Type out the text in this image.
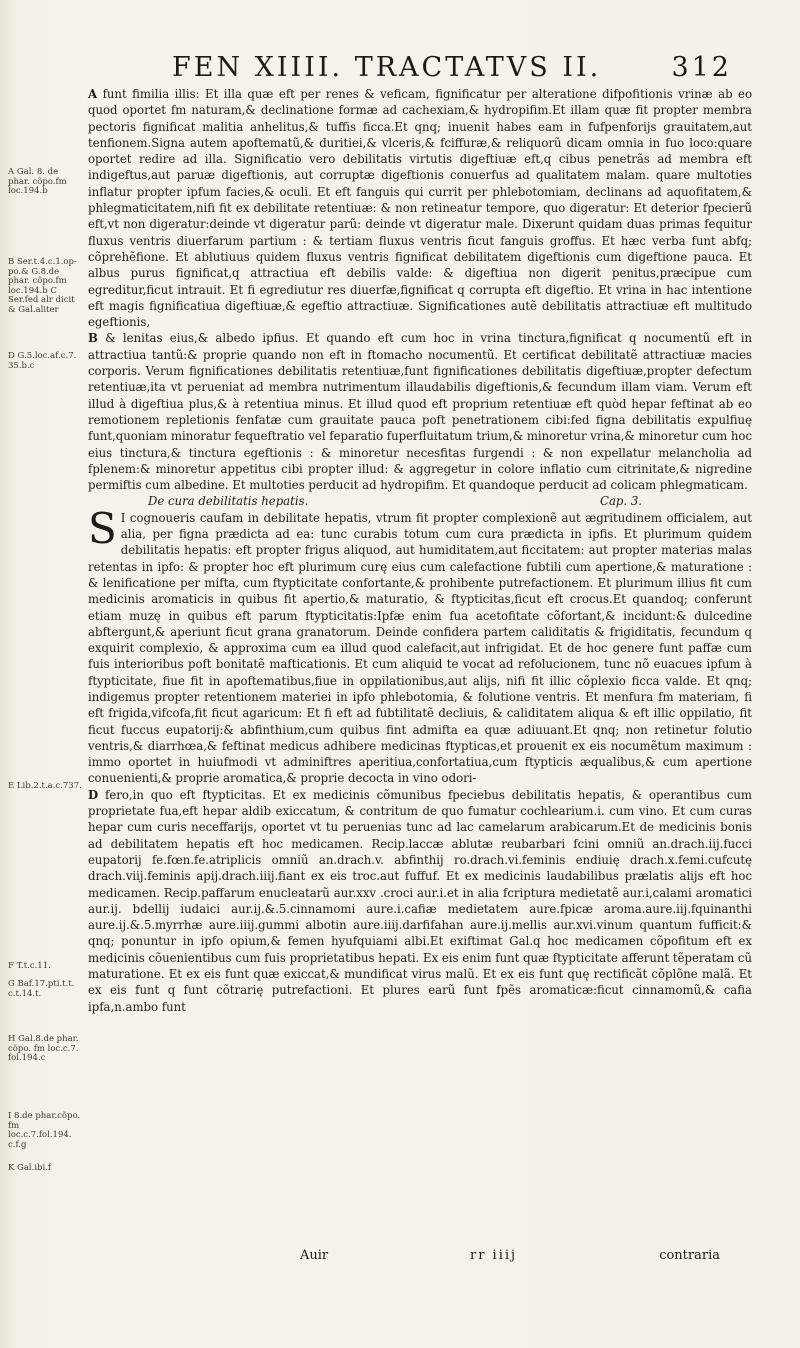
FEN XIIII. TRACTATVS II.	312
A Gal. 8. de phar. cõpo.fm loc.194.b
B Ser.t.4.c.1.op- po.& G.8.de phar. cõpo.fm loc.194.b C Ser.fed alr dicit & Gal.aliter
D G.5.loc.af.c.7. 35.b.c
E Lib.2.t.a.c.737.
F T.t.c.11.
G Baf.17.pti.t.t. c.t.14.t.
H Gal.8.de phar. cõpo. fm loc.c.7. fol.194.c
I 8.de phar.cõpo. fm loc.c.7.fol.194. c.f.g
K Gal.ibi.f

A funt fimilia illis: Et illa quæ eft per renes & veficam, fignificatur per alteratione difpofitionis vrinæ ab eo quod oportet fm naturam,& declinatione formæ ad cachexiam,& hydropifim.Et illam quæ fit propter membra pectoris fignificat malitia anhelitus,& tuffis ficca.Et qnq; inuenit habes eam in fufpenforijs grauitatem,aut tenfionem.Signa autem apoftematũ,& duritiei,& vlceris,& fciffuræ,& reliquorũ dicam omnia in fuo loco:quare oportet redire ad illa. Significatio vero debilitatis virtutis digeftiuæ eft,q cibus penetrãs ad membra eft indigeftus,aut paruæ digeftionis, aut corruptæ digeftionis conuerfus ad qualitatem malam. quare multoties inflatur propter ipfum facies,& oculi. Et eft fanguis qui currit per phlebotomiam, declinans ad aquofitatem,& phlegmaticitatem,nifi fit ex debilitate retentiuæ: & non retineatur tempore, quo digeratur: Et deterior fpecierũ eft,vt non digeratur:deinde vt digeratur parũ: deinde vt digeratur male. Dixerunt quidam duas primas fequitur fluxus ventris diuerfarum partium : & tertiam fluxus ventris ficut fanguis groffus. Et hæc verba funt abfq; cõprehẽfione. Et ablutiuus quidem fluxus ventris fignificat debilitatem digeftionis cum digeftione pauca. Et albus purus fignificat,q attractiua eft debilis valde: & digeftiua non digerit penitus,præcipue cum egreditur,ficut intrauit. Et fi egrediutur res diuerfæ,fignificat q corrupta eft digeftio. Et vrina in hac intentione eft magis fignificatiua digeftiuæ,& egeftio attractiuæ. Significationes autẽ debilitatis attractiuæ eft multitudo egeftionis,

B & lenitas eius,& albedo ipfius. Et quando eft cum hoc in vrina tinctura,fignificat q nocumentũ eft in attractiua tantũ:& proprie quando non eft in ftomacho nocumentũ. Et certificat debilitatẽ attractiuæ macies corporis. Verum fignificationes debilitatis retentiuæ,funt fignificationes debilitatis digeftiuæ,propter defectum retentiuæ,ita vt perueniat ad membra nutrimentum illaudabilis digeftionis,& fecundum illam viam. Verum eft illud à digeftiua plus,& à retentiua minus. Et illud quod eft proprium retentiuæ eft quòd hepar feftinat ab eo remotionem repletionis fenfatæ cum grauitate pauca poft penetrationem cibi:fed figna debilitatis expulfiuę funt,quoniam minoratur fequeftratio vel feparatio fuperfluitatum trium,& minoretur vrina,& minoretur cum hoc eius tinctura,& tinctura egeftionis : & minoretur necesfitas furgendi : & non expellatur melancholia ad fplenem:& minoretur appetitus cibi propter illud: & aggregetur in colore inflatio cum citrinitate,& nigredine permiftis cum albedine. Et multoties perducit ad hydropifim. Et quandoque perducit ad colicam phlegmaticam.

De cura debilitatis hepatis.	Cap. 3.

S I cognoueris caufam in debilitate hepatis, vtrum fit propter complexionẽ aut ægritudinem officialem, aut alia, per figna prædicta ad ea: tunc curabis totum cum cura prædicta in ipfis. Et plurimum quidem debilitatis hepatis: eft propter frigus aliquod, aut humiditatem,aut ficcitatem: aut propter materias malas retentas in ipfo: & propter hoc eft plurimum curę eius cum calefactione fubtili cum apertione,& maturatione : & lenificatione per mifta, cum ftypticitate confortante,& prohibente putrefactionem. Et plurimum illius fit cum medicinis aromaticis in quibus fit apertio,& maturatio, & ftypticitas,ficut eft crocus.Et quandoq; conferunt etiam muzę in quibus eft parum ftypticitatis:Ipfæ enim fua acetofitate cõfortant,& incidunt:& dulcedine abftergunt,& aperiunt ficut grana granatorum. Deinde confidera partem caliditatis & frigiditatis, fecundum q exquirit complexio, & approxima cum ea illud quod calefacit,aut infrigidat. Et de hoc genere funt paffæ cum fuis interioribus poft bonitatẽ mafticationis. Et cum aliquid te vocat ad refolucionem, tunc nõ euacues ipfum à ftypticitate, fiue fit in apoftematibus,fiue in oppilationibus,aut alijs, nifi fit illic cõplexio ficca valde. Et qnq; indigemus propter retentionem materiei in ipfo phlebotomia, & folutione ventris. Et menfura fm materiam, fi eft frigida,vifcofa,fit ficut agaricum: Et fi eft ad fubtilitatẽ decliuis, & caliditatem aliqua & eft illic oppilatio, fit ficut fuccus eupatorij:& abfinthium,cum quibus fint admifta ea quæ adiuuant.Et qnq; non retinetur folutio ventris,& diarrhœa,& feftinat medicus adhibere medicinas ftypticas,et prouenit ex eis nocumẽtum maximum : immo oportet in huiufmodi vt adminiftres aperitiua,confortatiua,cum ftypticis æqualibus,& cum apertione conuenienti,& proprie aromatica,& proprie decocta in vino odori-

D fero,in quo eft ftypticitas. Et ex medicinis cõmunibus fpeciebus debilitatis hepatis, & operantibus cum proprietate fua,eft hepar aldib exiccatum, & contritum de quo fumatur cochlearium.i. cum vino. Et cum curas hepar cum curis neceffarijs, oportet vt tu peruenias tunc ad lac camelarum arabicarum.Et de medicinis bonis ad debilitatem hepatis eft hoc medicamen. Recip.laccæ ablutæ reubarbari fcini omniũ an.drach.iij.fucci eupatorij fe.fœn.fe.atriplicis omniũ an.drach.v. abfinthij ro.drach.vi.feminis endiuię drach.x.femi.cufcutę drach.viij.feminis apij.drach.iiij.fiant ex eis troc.aut fuffuf. Et ex medicinis laudabilibus prælatis alijs eft hoc medicamen. Recip.paffarum enucleatarũ aur.xxv .croci aur.i.et in alia fcriptura medietatẽ aur.i,calami aromatici aur.ij. bdellij iudaici aur.ij.&.5.cinnamomi aure.i.cafiæ medietatem aure.fpicæ aroma.aure.iij.fquinanthi aure.ij.&.5.myrrhæ aure.iiij.gummi albotin aure.iiij.darfifahan aure.ij.mellis aur.xvi.vinum quantum fufficit:& qnq; ponuntur in ipfo opium,& femen hyufquiami albi.Et exiftimat Gal.q hoc medicamen cõpofitum eft ex medicinis cõuenientibus cum fuis proprietatibus hepati. Ex eis enim funt quæ ftypticitate afferunt tẽperatam cũ maturatione. Et ex eis funt quæ exiccat,& mundificat virus malũ. Et ex eis funt quę rectificãt cõplõne malã. Et ex eis funt q funt cõtrarię putrefactioni. Et plures earũ funt fpẽs aromaticæ:ficut cinnamomũ,& cafia ipfa,n.ambo funt

Auir	rr iiij	contraria
